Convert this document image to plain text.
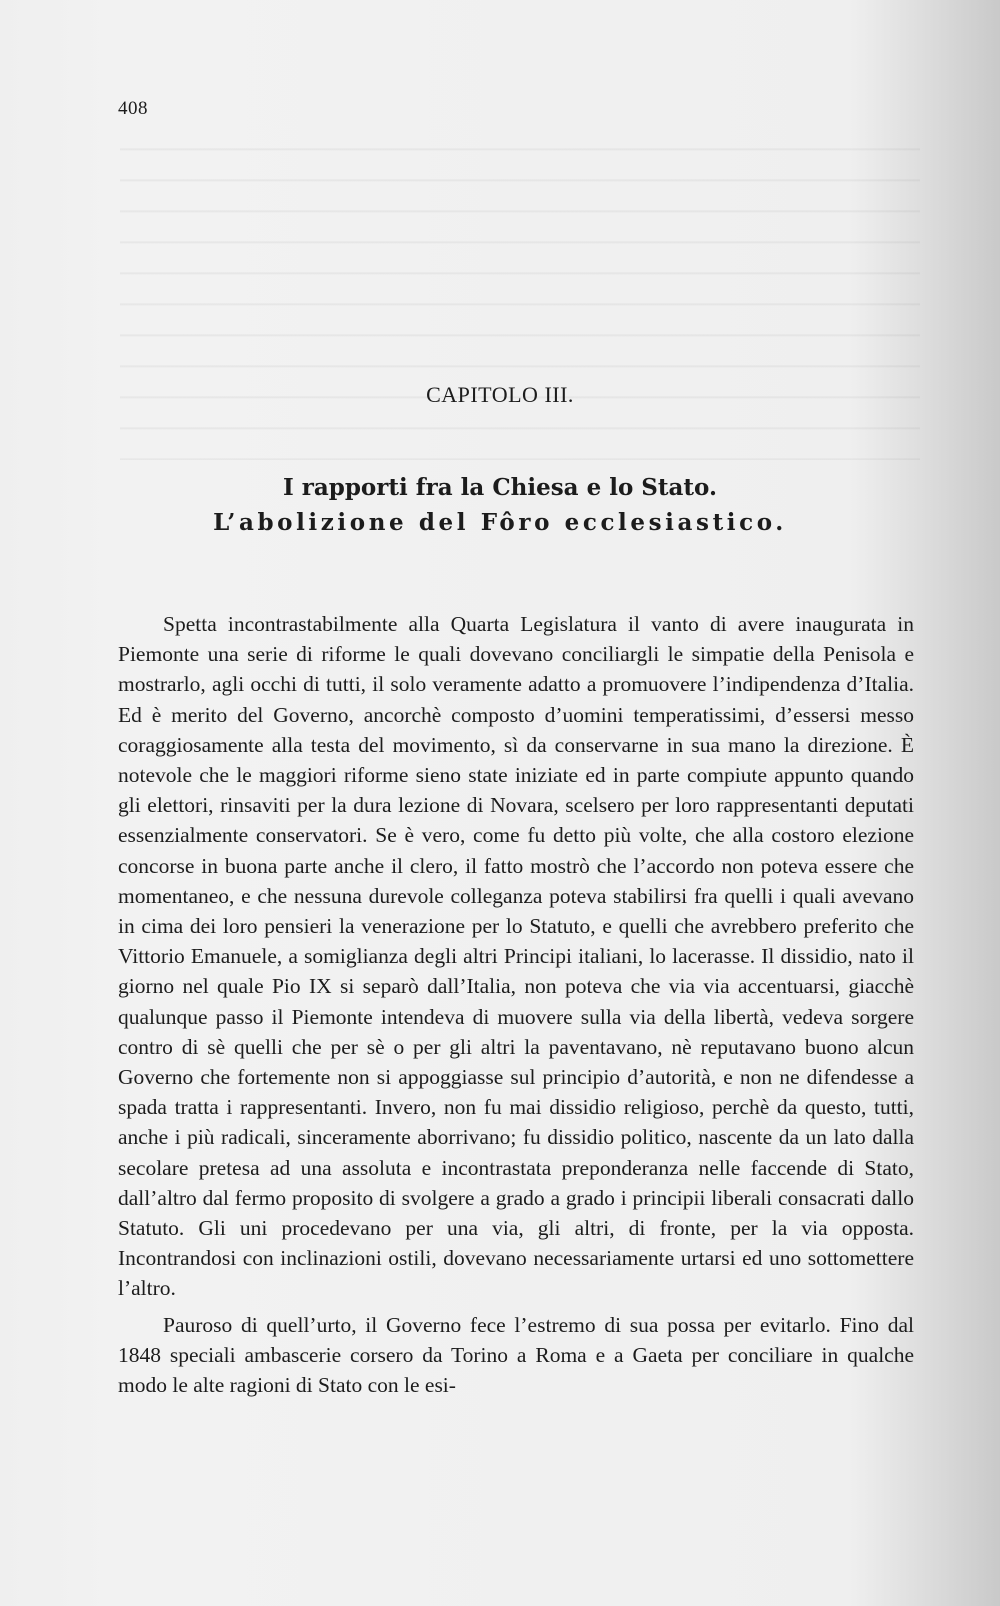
408
CAPITOLO III.
I rapporti fra la Chiesa e lo Stato.
L’abolizione del Fôro ecclesiastico.

Spetta incontrastabilmente alla Quarta Legislatura il vanto di avere inaugurata in Piemonte una serie di riforme le quali dovevano conciliargli le simpatie della Penisola e mostrarlo, agli occhi di tutti, il solo veramente adatto a promuovere l’indipendenza d’Italia. Ed è merito del Governo, ancorchè composto d’uomini temperatissimi, d’essersi messo coraggiosamente alla testa del movimento, sì da conservarne in sua mano la direzione. È notevole che le maggiori riforme sieno state iniziate ed in parte compiute appunto quando gli elettori, rinsaviti per la dura lezione di Novara, scelsero per loro rappresentanti deputati essenzialmente conservatori. Se è vero, come fu detto più volte, che alla costoro elezione concorse in buona parte anche il clero, il fatto mostrò che l’accordo non poteva essere che momentaneo, e che nessuna durevole colleganza poteva stabilirsi fra quelli i quali avevano in cima dei loro pensieri la venerazione per lo Statuto, e quelli che avrebbero preferito che Vittorio Emanuele, a somiglianza degli altri Principi italiani, lo lacerasse. Il dissidio, nato il giorno nel quale Pio IX si separò dall’Italia, non poteva che via via accentuarsi, giacchè qualunque passo il Piemonte intendeva di muovere sulla via della libertà, vedeva sorgere contro di sè quelli che per sè o per gli altri la paventavano, nè reputavano buono alcun Governo che fortemente non si appoggiasse sul principio d’autorità, e non ne difendesse a spada tratta i rappresentanti. Invero, non fu mai dissidio religioso, perchè da questo, tutti, anche i più radicali, sinceramente aborrivano; fu dissidio politico, nascente da un lato dalla secolare pretesa ad una assoluta e incontrastata preponderanza nelle faccende di Stato, dall’altro dal fermo proposito di svolgere a grado a grado i principii liberali consacrati dallo Statuto. Gli uni procedevano per una via, gli altri, di fronte, per la via opposta. Incontrandosi con inclinazioni ostili, dovevano necessariamente urtarsi ed uno sottomettere l’altro.

Pauroso di quell’urto, il Governo fece l’estremo di sua possa per evitarlo. Fino dal 1848 speciali ambascerie corsero da Torino a Roma e a Gaeta per conciliare in qualche modo le alte ragioni di Stato con le esi-
